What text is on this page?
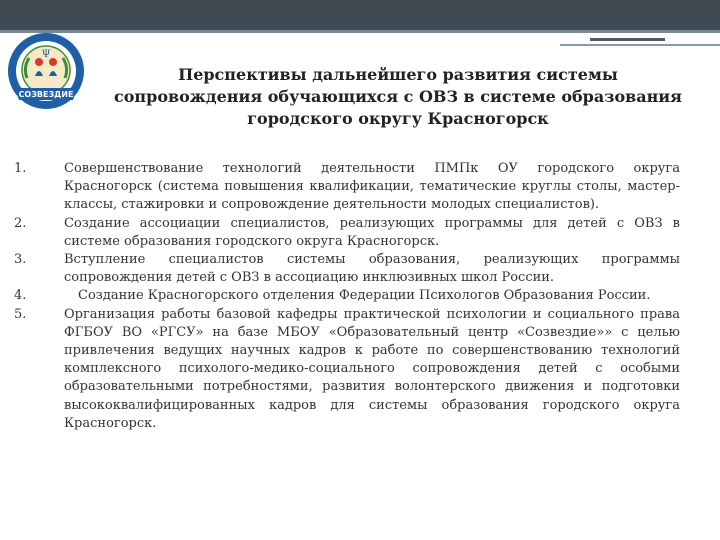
Ψ
СОЗВЕЗДИЕ
Перспективы дальнейшего развития системы
сопровождения обучающихся с ОВЗ в системе образования
городского округу Красногорск
1.	Совершенствование технологий деятельности ПМПк ОУ городского округа Красногорск (система повышения квалификации, тематические круглы столы, мастер-классы, стажировки и сопровождение деятельности молодых специалистов).
2.	Создание ассоциации специалистов, реализующих программы для детей с ОВЗ в системе образования городского округа Красногорск.
3.	Вступление специалистов системы образования, реализующих программы сопровождения детей с ОВЗ в ассоциацию инклюзивных школ России.
4.	Создание Красногорского отделения Федерации Психологов Образования России.
5.	Организация работы базовой кафедры практической психологии и социального права ФГБОУ ВО «РГСУ» на базе МБОУ «Образовательный центр «Созвездие»» с целью привлечения ведущих научных кадров к работе по совершенствованию технологий комплексного психолого-медико-социального сопровождения детей с особыми образовательными потребностями, развития волонтерского движения и подготовки высококвалифицированных кадров для системы образования городского округа Красногорск.
